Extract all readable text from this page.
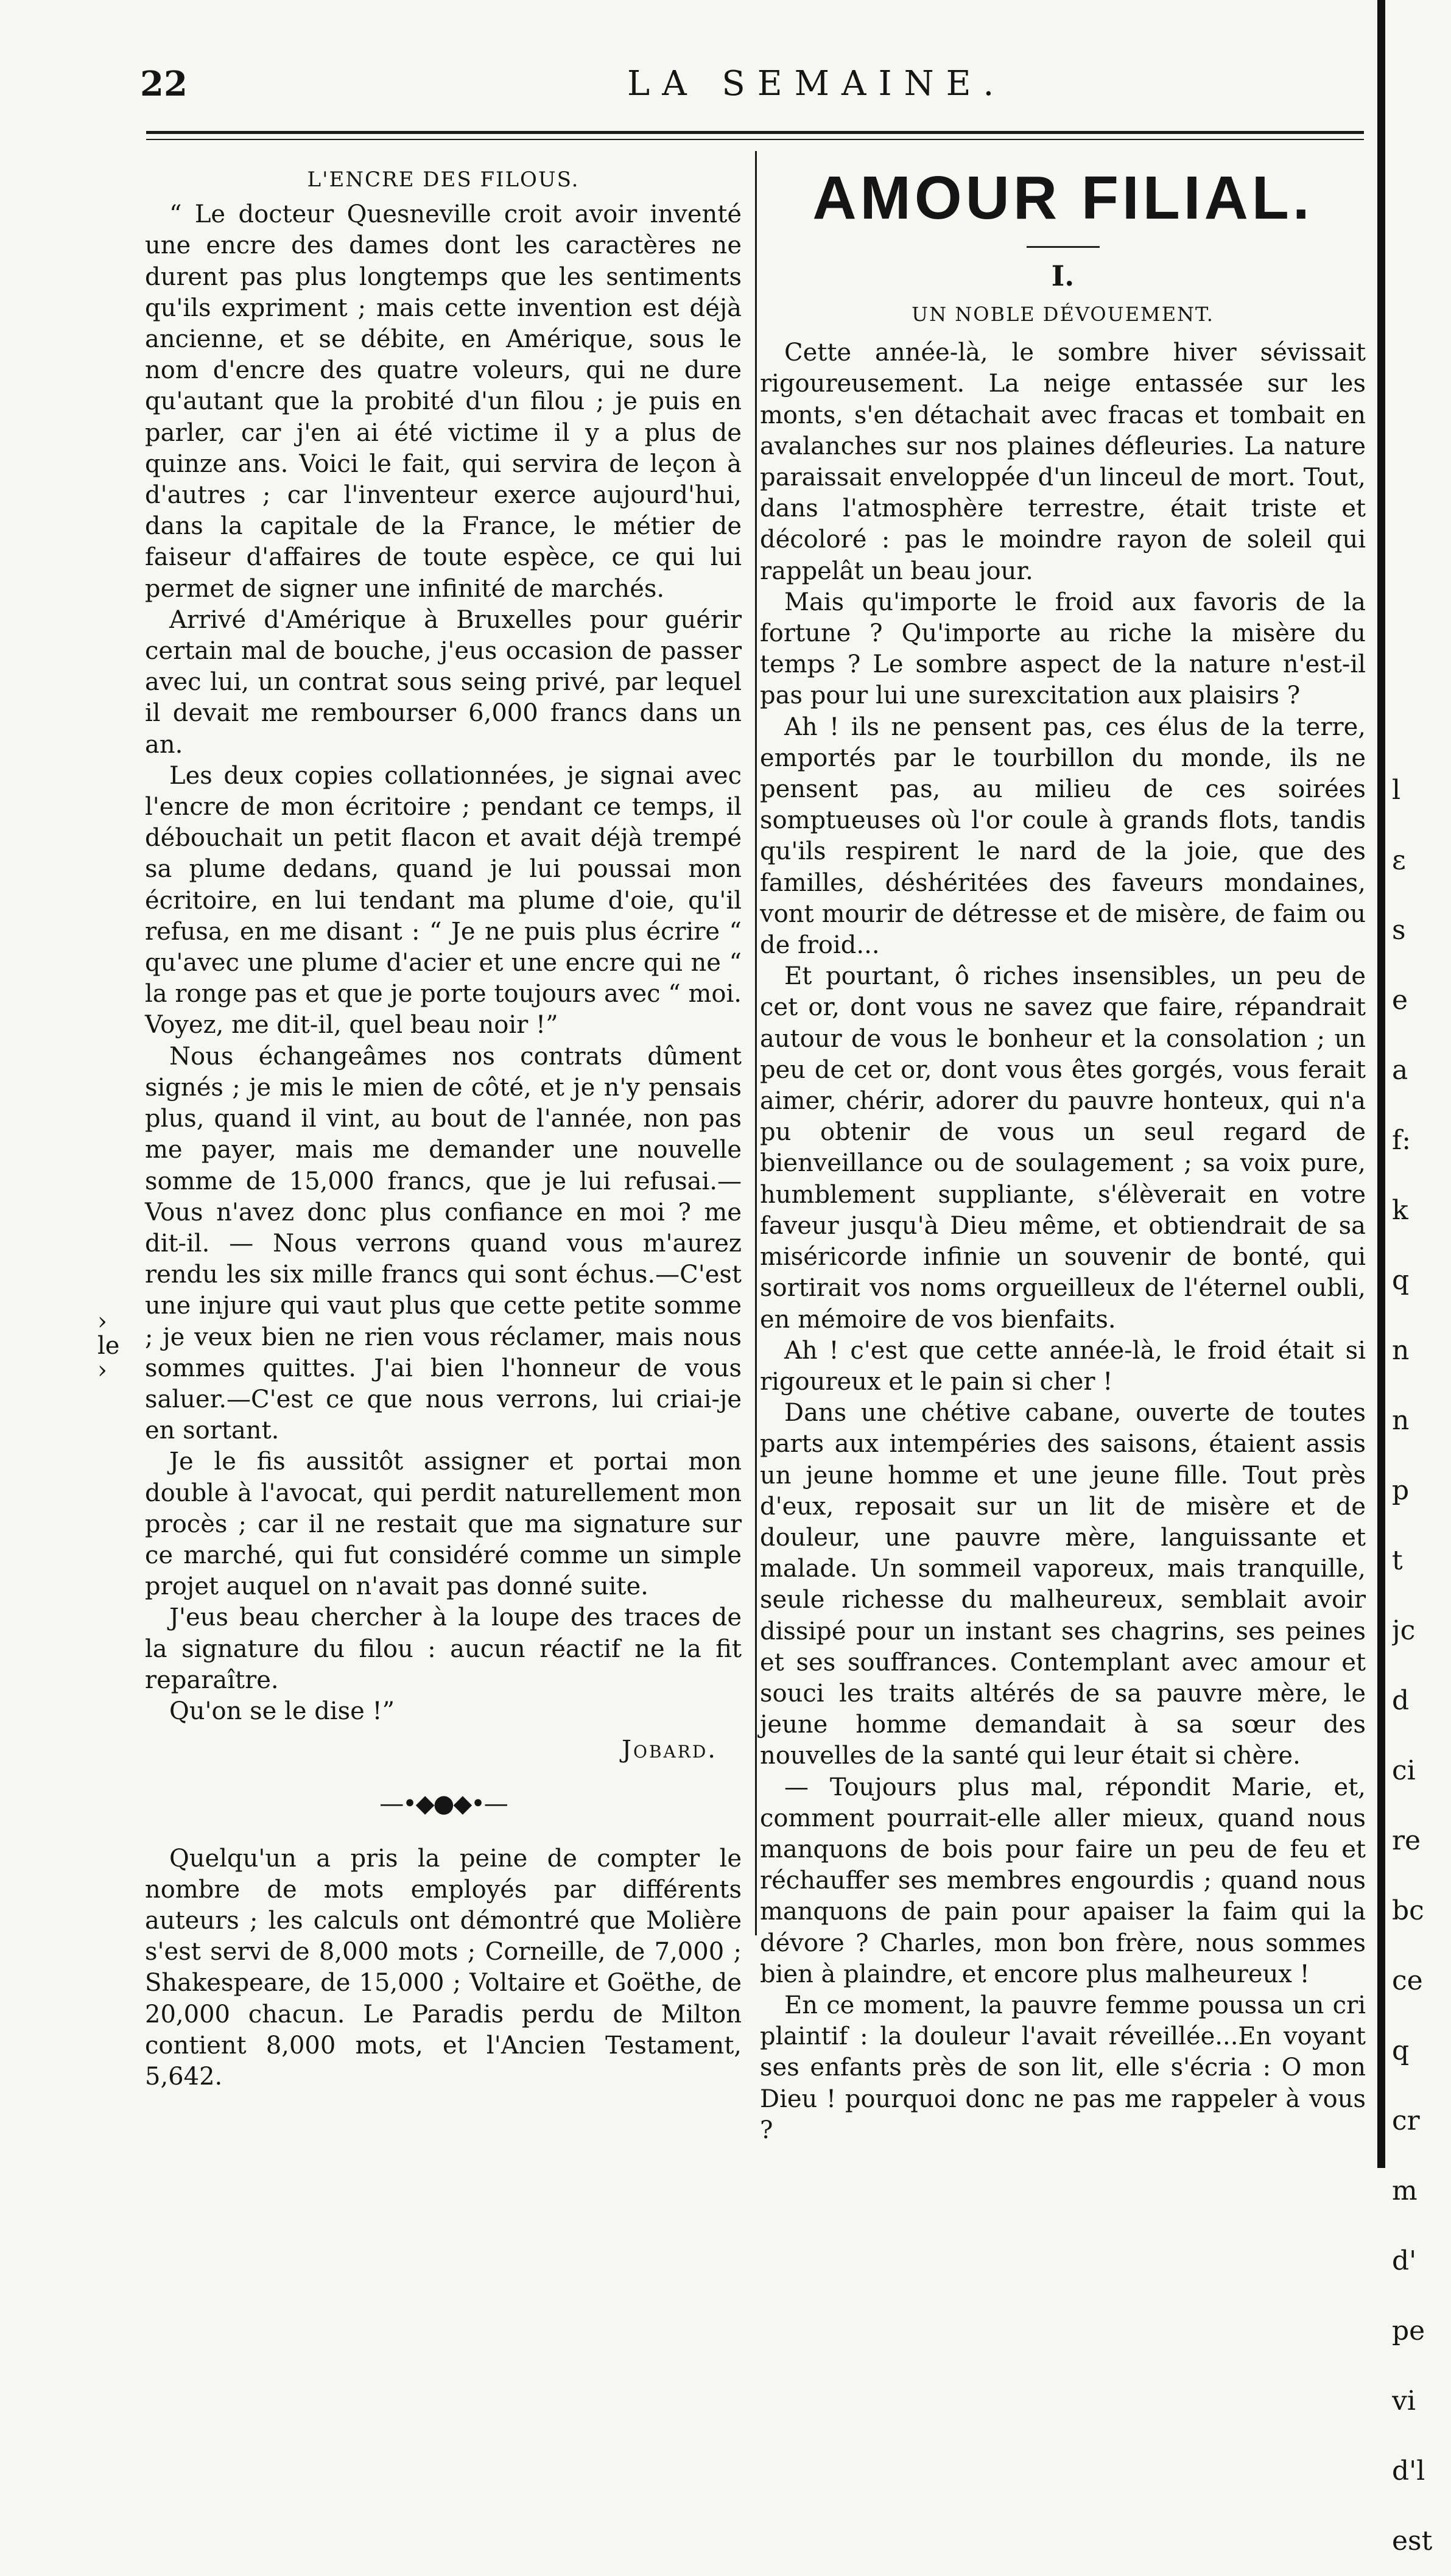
22	LA SEMAINE.
›
le
›
L'ENCRE DES FILOUS.

“ Le docteur Quesneville croit avoir inventé une encre des dames dont les caractères ne durent pas plus longtemps que les sentiments qu'ils expriment ; mais cette invention est déjà ancienne, et se débite, en Amérique, sous le nom d'encre des quatre voleurs, qui ne dure qu'autant que la probité d'un filou ; je puis en parler, car j'en ai été victime il y a plus de quinze ans. Voici le fait, qui servira de leçon à d'autres ; car l'inventeur exerce aujourd'hui, dans la capitale de la France, le métier de faiseur d'affaires de toute espèce, ce qui lui permet de signer une infinité de marchés.

Arrivé d'Amérique à Bruxelles pour guérir certain mal de bouche, j'eus occasion de passer avec lui, un contrat sous seing privé, par lequel il devait me rembourser 6,000 francs dans un an.

Les deux copies collationnées, je signai avec l'encre de mon écritoire ; pendant ce temps, il débouchait un petit flacon et avait déjà trempé sa plume dedans, quand je lui poussai mon écritoire, en lui tendant ma plume d'oie, qu'il refusa, en me disant : “ Je ne puis plus écrire “ qu'avec une plume d'acier et une encre qui ne “ la ronge pas et que je porte toujours avec “ moi. Voyez, me dit-il, quel beau noir !”

Nous échangeâmes nos contrats dûment signés ; je mis le mien de côté, et je n'y pensais plus, quand il vint, au bout de l'année, non pas me payer, mais me demander une nouvelle somme de 15,000 francs, que je lui refusai.—Vous n'avez donc plus confiance en moi ? me dit-il. — Nous verrons quand vous m'aurez rendu les six mille francs qui sont échus.—C'est une injure qui vaut plus que cette petite somme ; je veux bien ne rien vous réclamer, mais nous sommes quittes. J'ai bien l'honneur de vous saluer.—C'est ce que nous verrons, lui criai-je en sortant.

Je le fis aussitôt assigner et portai mon double à l'avocat, qui perdit naturellement mon procès ; car il ne restait que ma signature sur ce marché, qui fut considéré comme un simple projet auquel on n'avait pas donné suite.

J'eus beau chercher à la loupe des traces de la signature du filou : aucun réactif ne la fit reparaître.

Qu'on se le dise !”

Jobard.
—•◆●◆•—

Quelqu'un a pris la peine de compter le nombre de mots employés par différents auteurs ; les calculs ont démontré que Molière s'est servi de 8,000 mots ; Corneille, de 7,000 ; Shakespeare, de 15,000 ; Voltaire et Goëthe, de 20,000 chacun. Le Paradis perdu de Milton contient 8,000 mots, et l'Ancien Testament, 5,642.

AMOUR FILIAL.
I.
UN NOBLE DÉVOUEMENT.

Cette année-là, le sombre hiver sévissait rigoureusement. La neige entassée sur les monts, s'en détachait avec fracas et tombait en avalanches sur nos plaines défleuries. La nature paraissait enveloppée d'un linceul de mort. Tout, dans l'atmosphère terrestre, était triste et décoloré : pas le moindre rayon de soleil qui rappelât un beau jour.

Mais qu'importe le froid aux favoris de la fortune ? Qu'importe au riche la misère du temps ? Le sombre aspect de la nature n'est-il pas pour lui une surexcitation aux plaisirs ?

Ah ! ils ne pensent pas, ces élus de la terre, emportés par le tourbillon du monde, ils ne pensent pas, au milieu de ces soirées somptueuses où l'or coule à grands flots, tandis qu'ils respirent le nard de la joie, que des familles, déshéritées des faveurs mondaines, vont mourir de détresse et de misère, de faim ou de froid...

Et pourtant, ô riches insensibles, un peu de cet or, dont vous ne savez que faire, répandrait autour de vous le bonheur et la consolation ; un peu de cet or, dont vous êtes gorgés, vous ferait aimer, chérir, adorer du pauvre honteux, qui n'a pu obtenir de vous un seul regard de bienveillance ou de soulagement ; sa voix pure, humblement suppliante, s'élèverait en votre faveur jusqu'à Dieu même, et obtiendrait de sa miséricorde infinie un souvenir de bonté, qui sortirait vos noms orgueilleux de l'éternel oubli, en mémoire de vos bienfaits.

Ah ! c'est que cette année-là, le froid était si rigoureux et le pain si cher !

Dans une chétive cabane, ouverte de toutes parts aux intempéries des saisons, étaient assis un jeune homme et une jeune fille. Tout près d'eux, reposait sur un lit de misère et de douleur, une pauvre mère, languissante et malade. Un sommeil vaporeux, mais tranquille, seule richesse du malheureux, semblait avoir dissipé pour un instant ses chagrins, ses peines et ses souffrances. Contemplant avec amour et souci les traits altérés de sa pauvre mère, le jeune homme demandait à sa sœur des nouvelles de la santé qui leur était si chère.

— Toujours plus mal, répondit Marie, et, comment pourrait-elle aller mieux, quand nous manquons de bois pour faire un peu de feu et réchauffer ses membres engourdis ; quand nous manquons de pain pour apaiser la faim qui la dévore ? Charles, mon bon frère, nous sommes bien à plaindre, et encore plus malheureux !

En ce moment, la pauvre femme poussa un cri plaintif : la douleur l'avait réveillée...En voyant ses enfants près de son lit, elle s'écria : O mon Dieu ! pourquoi donc ne pas me rappeler à vous ?

l
ɛ
s
e
a
f:
k
q
n
n
p
t
jc
d
ci
re
bc
ce
q
cr
m
d'
pe
vi
d'l
est
